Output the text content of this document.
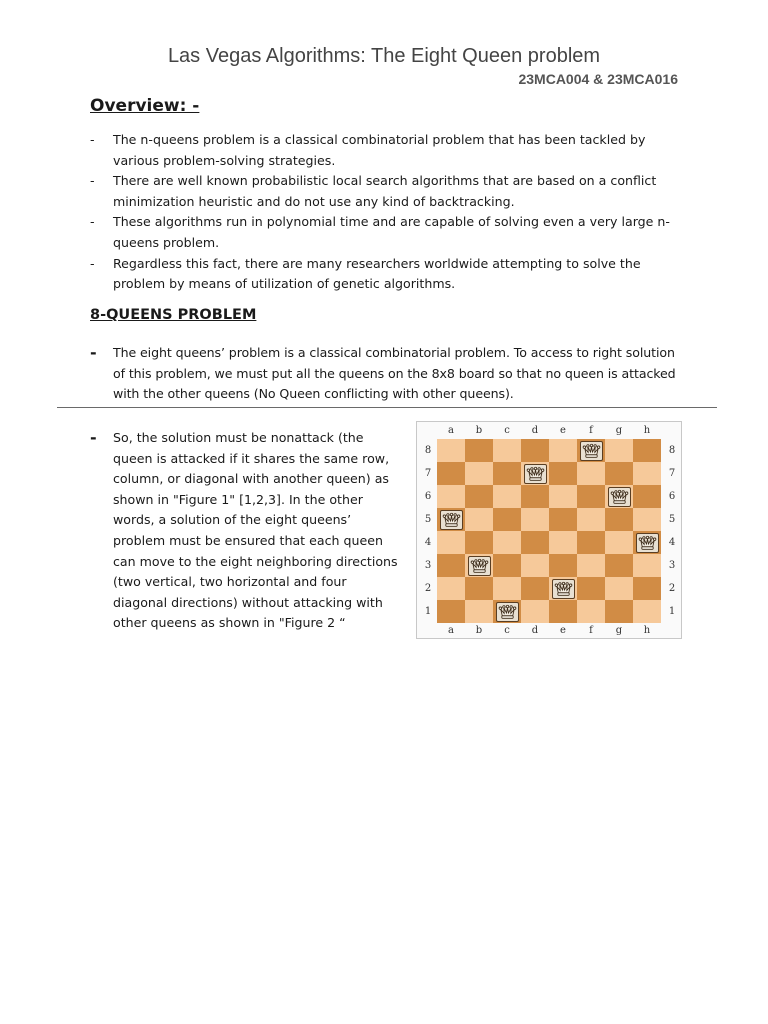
Las Vegas Algorithms: The Eight Queen problem
23MCA004 & 23MCA016
Overview: -
- The n-queens problem is a classical combinatorial problem that has been tackled by various problem-solving strategies.
- There are well known probabilistic local search algorithms that are based on a conflict minimization heuristic and do not use any kind of backtracking.
- These algorithms run in polynomial time and are capable of solving even a very large n-queens problem.
- Regardless this fact, there are many researchers worldwide attempting to solve the problem by means of utilization of genetic algorithms.
8-QUEENS PROBLEM
- The eight queens’ problem is a classical combinatorial problem. To access to right solution of this problem, we must put all the queens on the 8x8 board so that no queen is attacked with the other queens (No Queen conflicting with other queens).
- So, the solution must be nonattack (the queen is attacked if it shares the same row, column, or diagonal with another queen) as shown in "Figure 1" [1,2,3]. In the other words, a solution of the eight queens’ problem must be ensured that each queen can move to the eight neighboring directions (two vertical, two horizontal and four diagonal directions) without attacking with other queens as shown in "Figure 2 “
a	b	c	d	e	f	g	h
8
7
6
5
4
3
2
1
8
7
6
5
4
3
2
1
a	b	c	d	e	f	g	h
